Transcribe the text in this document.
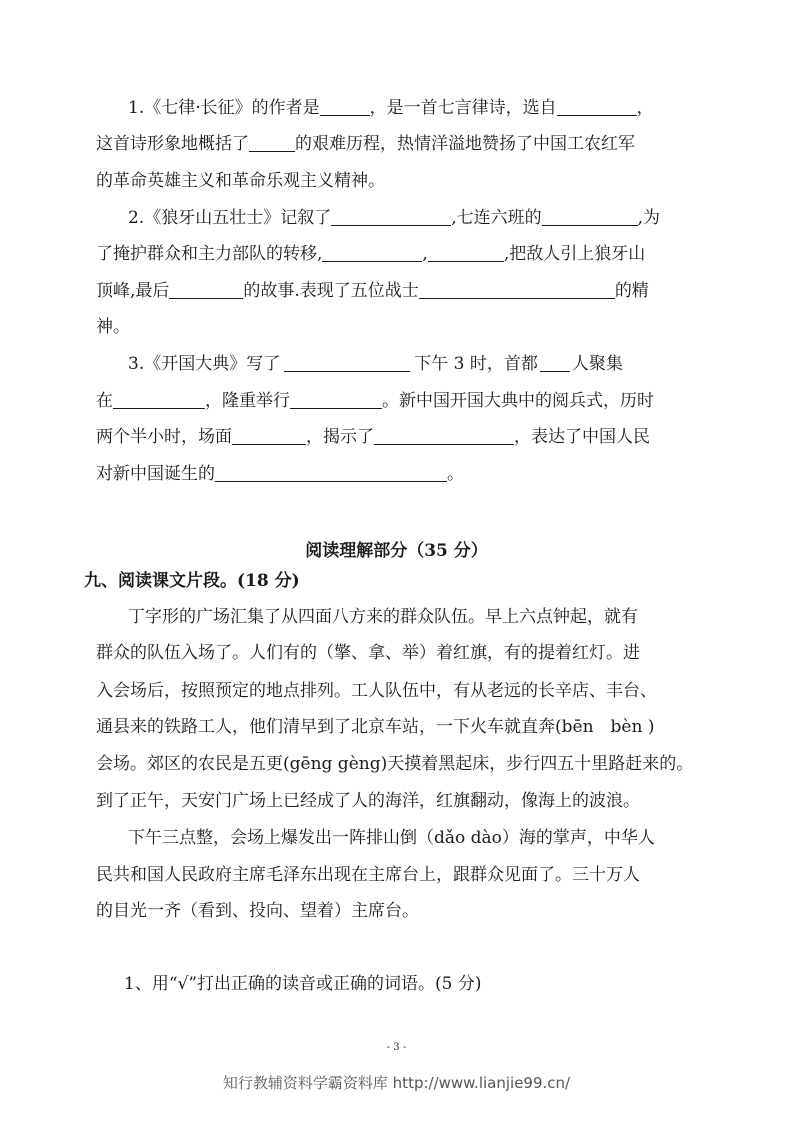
1.《七律·长征》的作者是	，是一首七言律诗，选自	，
这首诗形象地概括了	的艰难历程，热情洋溢地赞扬了中国工农红军
的革命英雄主义和革命乐观主义精神。
2.《狼牙山五壮士》记叙了	,七连六班的	,为
了掩护群众和主力部队的转移,	,	,把敌人引上狼牙山
顶峰,最后	的故事.表现了五位战士	的精
神。
3.《开国大典》写了	下午 3 时，首都 人聚集
在	，隆重举行	。新中国开国大典中的阅兵式，历时
两个半小时，场面	，揭示了	，表达了中国人民
对新中国诞生的	。
阅读理解部分（35 分）
九、阅读课文片段。(18 分)
丁字形的广场汇集了从四面八方来的群众队伍。早上六点钟起，就有
群众的队伍入场了。人们有的（擎、拿、举）着红旗，有的提着红灯。进
入会场后，按照预定的地点排列。工人队伍中，有从老远的长辛店、丰台、
通县来的铁路工人，他们清早到了北京车站，一下火车就直奔(bēn　bèn )
会场。郊区的农民是五更(gēng gèng)天摸着黑起床，步行四五十里路赶来的。
到了正午，天安门广场上已经成了人的海洋，红旗翻动，像海上的波浪。
下午三点整，会场上爆发出一阵排山倒（dǎo dào）海的掌声，中华人
民共和国人民政府主席毛泽东出现在主席台上，跟群众见面了。三十万人
的目光一齐（看到、投向、望着）主席台。
1、用“√”打出正确的读音或正确的词语。(5 分)
- 3 -
知行教辅资料学霸资料库 http://www.lianjie99.cn/
